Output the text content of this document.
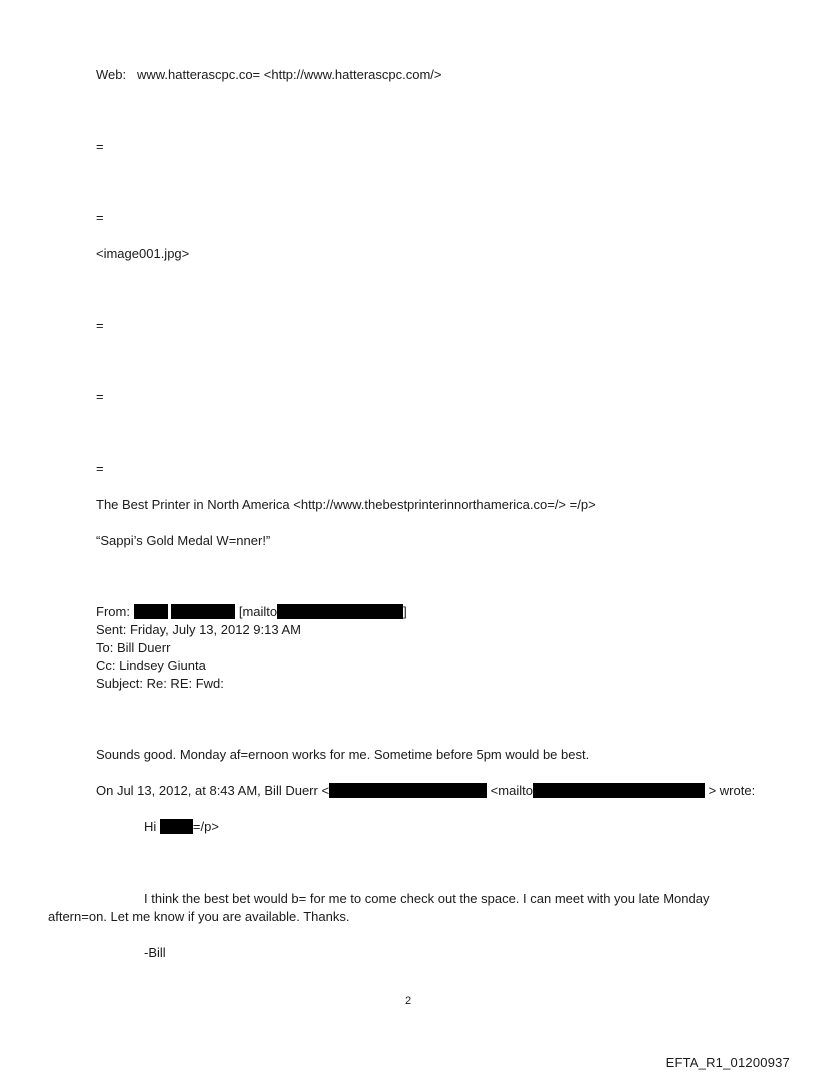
Web: www.hatterascpc.co= <http://www.hatterascpc.com/>
=
=
<image001.jpg>
=
=
=
The Best Printer in North America <http://www.thebestprinterinnorthamerica.co=/> =/p>
“Sappi’s Gold Medal W=nner!”
From:	[mailto	]
Sent: Friday, July 13, 2012 9:13 AM
To: Bill Duerr
Cc: Lindsey Giunta
Subject: Re: RE: Fwd:
Sounds good. Monday af=ernoon works for me. Sometime before 5pm would be best.
On Jul 13, 2012, at 8:43 AM, Bill Duerr <	<mailto	> wrote:
Hi	=/p>
I think the best bet would b= for me to come check out the space. I can meet with you late Monday
aftern=on. Let me know if you are available. Thanks.
-Bill
2
EFTA_R1_01200937
